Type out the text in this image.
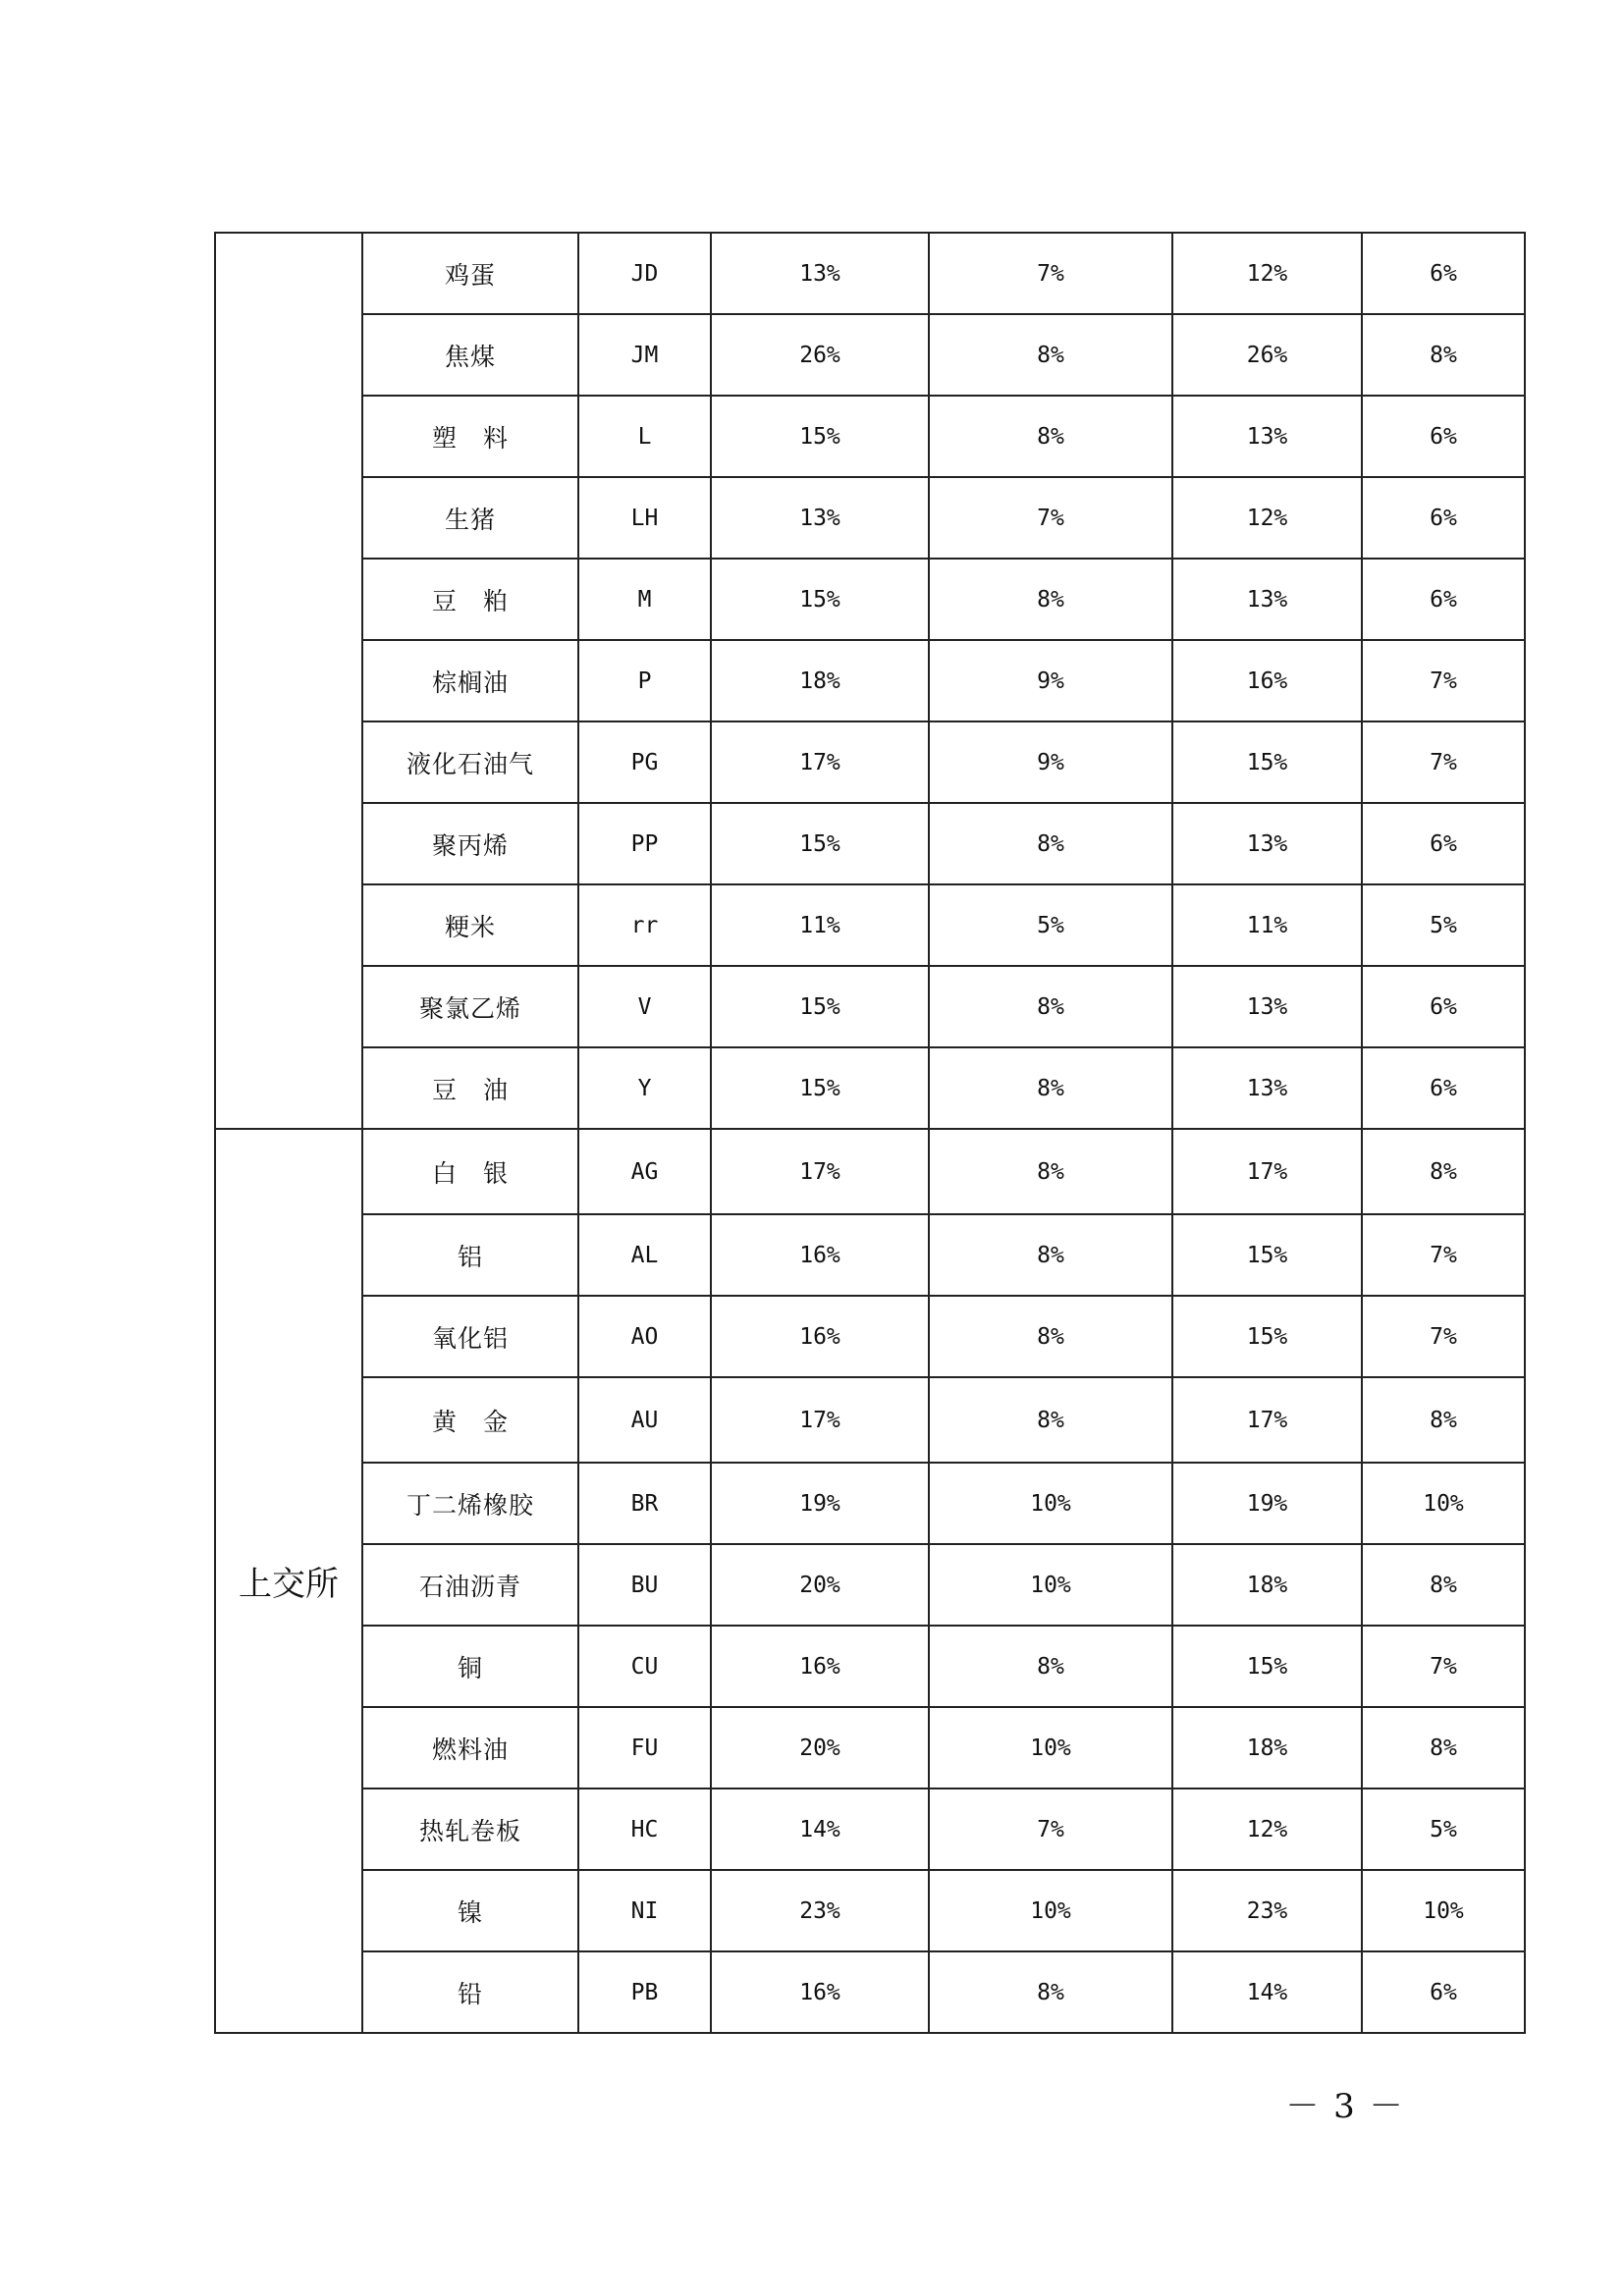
	鸡蛋	JD	13%	7%	12%	6%
	焦煤	JM	26%	8%	26%	8%
	塑　料	L	15%	8%	13%	6%
	生猪	LH	13%	7%	12%	6%
	豆　粕	M	15%	8%	13%	6%
	棕榈油	P	18%	9%	16%	7%
	液化石油气	PG	17%	9%	15%	7%
	聚丙烯	PP	15%	8%	13%	6%
	粳米	rr	11%	5%	11%	5%
	聚氯乙烯	V	15%	8%	13%	6%
	豆　油	Y	15%	8%	13%	6%
上交所	白　银	AG	17%	8%	17%	8%
	铝	AL	16%	8%	15%	7%
	氧化铝	AO	16%	8%	15%	7%
	黄　金	AU	17%	8%	17%	8%
	丁二烯橡胶	BR	19%	10%	19%	10%
	石油沥青	BU	20%	10%	18%	8%
	铜	CU	16%	8%	15%	7%
	燃料油	FU	20%	10%	18%	8%
	热轧卷板	HC	14%	7%	12%	5%
	镍	NI	23%	10%	23%	10%
	铅	PB	16%	8%	14%	6%
－ 3 －
